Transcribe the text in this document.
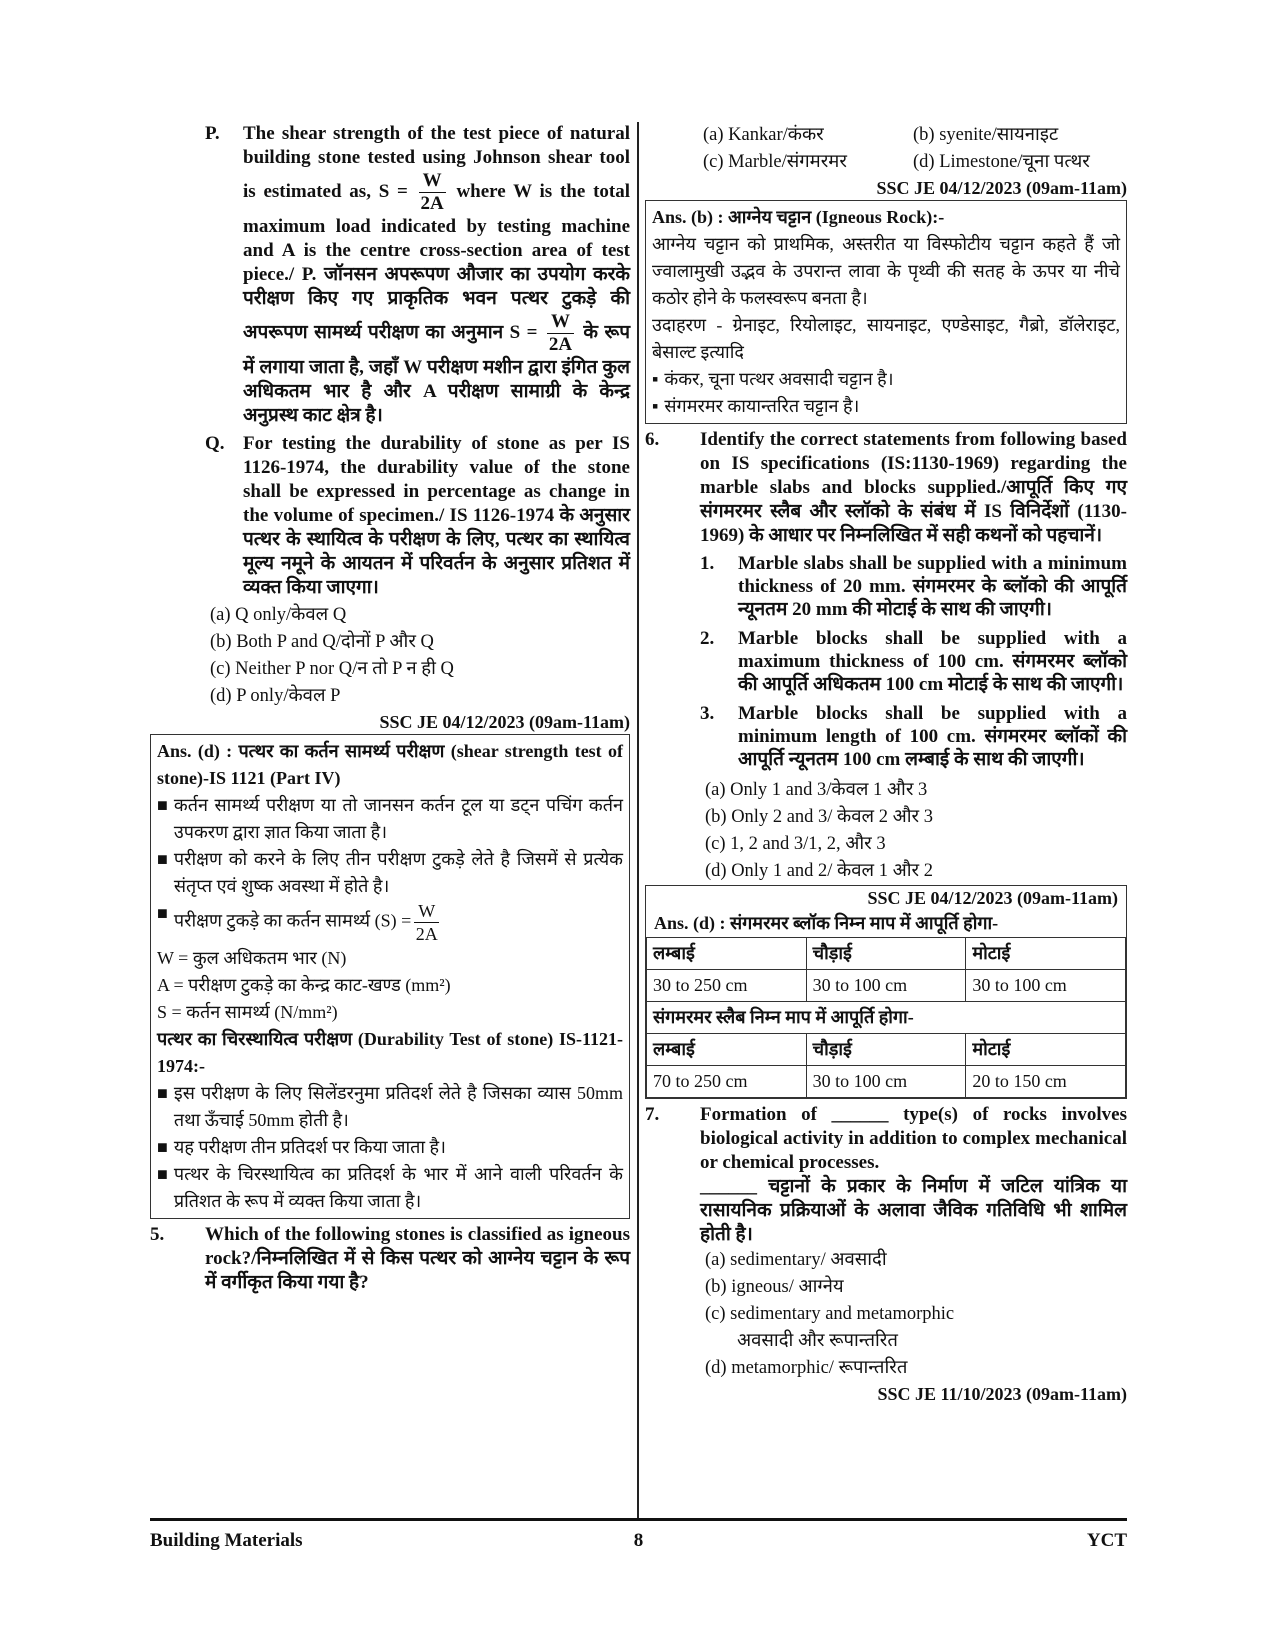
P. The shear strength of the test piece of natural building stone tested using Johnson shear tool is estimated as, $S = \frac{W}{2A}$ where W is the total maximum load indicated by testing machine and A is the centre cross-section area of test piece./ P. जॉनसन अपरूपण औजार का उपयोग करके परीक्षण किए गए प्राकृतिक भवन पत्थर टुकड़े की अपरूपण सामर्थ्य परीक्षण का अनुमान $S = \frac{W}{2A}$ के रूप में लगाया जाता है, जहाँ W परीक्षण मशीन द्वारा इंगित कुल अधिकतम भार है और A परीक्षण सामाग्री के केन्द्र अनुप्रस्थ काट क्षेत्र है।
Q. For testing the durability of stone as per IS 1126-1974, the durability value of the stone shall be expressed in percentage as change in the volume of specimen./ IS 1126-1974 के अनुसार पत्थर के स्थायित्व के परीक्षण के लिए, पत्थर का स्थायित्व मूल्य नमूने के आयतन में परिवर्तन के अनुसार प्रतिशत में व्यक्त किया जाएगा।
(a) Q only/केवल Q
(b) Both P and Q/दोनों P और Q
(c) Neither P nor Q/न तो P न ही Q
(d) P only/केवल P
SSC JE 04/12/2023 (09am-11am)
Ans. (d) : पत्थर का कर्तन सामर्थ्य परीक्षण (shear strength test of stone)-IS 1121 (Part IV)
■ कर्तन सामर्थ्य परीक्षण या तो जानसन कर्तन टूल या डट्न पचिंग कर्तन उपकरण द्वारा ज्ञात किया जाता है।
■ परीक्षण को करने के लिए तीन परीक्षण टुकड़े लेते है जिसमें से प्रत्येक संतृप्त एवं शुष्क अवस्था में होते है।
■ परीक्षण टुकड़े का कर्तन सामर्थ्य $(S) = \frac{W}{2A}$
W = कुल अधिकतम भार (N)
A = परीक्षण टुकड़े का केन्द्र काट-खण्ड (mm²)
S = कर्तन सामर्थ्य (N/mm²)
पत्थर का चिरस्थायित्व परीक्षण (Durability Test of stone) IS-1121-1974:-
■ इस परीक्षण के लिए सिलेंडरनुमा प्रतिदर्श लेते है जिसका व्यास 50mm तथा ऊँचाई 50mm होती है।
■ यह परीक्षण तीन प्रतिदर्श पर किया जाता है।
■ पत्थर के चिरस्थायित्व का प्रतिदर्श के भार में आने वाली परिवर्तन के प्रतिशत के रूप में व्यक्त किया जाता है।
5.	Which of the following stones is classified as igneous rock?/निम्नलिखित में से किस पत्थर को आग्नेय चट्टान के रूप में वर्गीकृत किया गया है?
(a) Kankar/कंकर	(b) syenite/सायनाइट
(c) Marble/संगमरमर	(d) Limestone/चूना पत्थर
SSC JE 04/12/2023 (09am-11am)
Ans. (b) : आग्नेय चट्टान (Igneous Rock):-
आग्नेय चट्टान को प्राथमिक, अस्तरीत या विस्फोटीय चट्टान कहते हैं जो ज्वालामुखी उद्भव के उपरान्त लावा के पृथ्वी की सतह के ऊपर या नीचे कठोर होने के फलस्वरूप बनता है।
उदाहरण - ग्रेनाइट, रियोलाइट, सायनाइट, एण्डेसाइट, गैब्रो, डॉलेराइट, बेसाल्ट इत्यादि
▪ कंकर, चूना पत्थर अवसादी चट्टान है।
▪ संगमरमर कायान्तरित चट्टान है।
6.	Identify the correct statements from following based on IS specifications (IS:1130-1969) regarding the marble slabs and blocks supplied./आपूर्ति किए गए संगमरमर स्लैब और स्लॉको के संबंध में IS विनिर्देशों (1130-1969) के आधार पर निम्नलिखित में सही कथनों को पहचानें।
1. Marble slabs shall be supplied with a minimum thickness of 20 mm. संगमरमर के ब्लॉको की आपूर्ति न्यूनतम 20 mm की मोटाई के साथ की जाएगी।
2. Marble blocks shall be supplied with a maximum thickness of 100 cm. संगमरमर ब्लॉको की आपूर्ति अधिकतम 100 cm मोटाई के साथ की जाएगी।
3. Marble blocks shall be supplied with a minimum length of 100 cm. संगमरमर ब्लॉकों की आपूर्ति न्यूनतम 100 cm लम्बाई के साथ की जाएगी।
(a) Only 1 and 3/केवल 1 और 3
(b) Only 2 and 3/ केवल 2 और 3
(c) 1, 2 and 3/1, 2, और 3
(d) Only 1 and 2/ केवल 1 और 2
SSC JE 04/12/2023 (09am-11am)
Ans. (d) : संगमरमर ब्लॉक निम्न माप में आपूर्ति होगा-
लम्बाई	चौड़ाई	मोटाई
30 to 250 cm	30 to 100 cm	30 to 100 cm
संगमरमर स्लैब निम्न माप में आपूर्ति होगा-		
लम्बाई	चौड़ाई	मोटाई
70 to 250 cm	30 to 100 cm	20 to 150 cm
7.	Formation of ______ type(s) of rocks involves biological activity in addition to complex mechanical or chemical processes.
______ चट्टानों के प्रकार के निर्माण में जटिल यांत्रिक या रासायनिक प्रक्रियाओं के अलावा जैविक गतिविधि भी शामिल होती है।
(a) sedimentary/ अवसादी
(b) igneous/ आग्नेय
(c) sedimentary and metamorphic
अवसादी और रूपान्तरित
(d) metamorphic/ रूपान्तरित
SSC JE 11/10/2023 (09am-11am)
Building Materials	8	YCT
